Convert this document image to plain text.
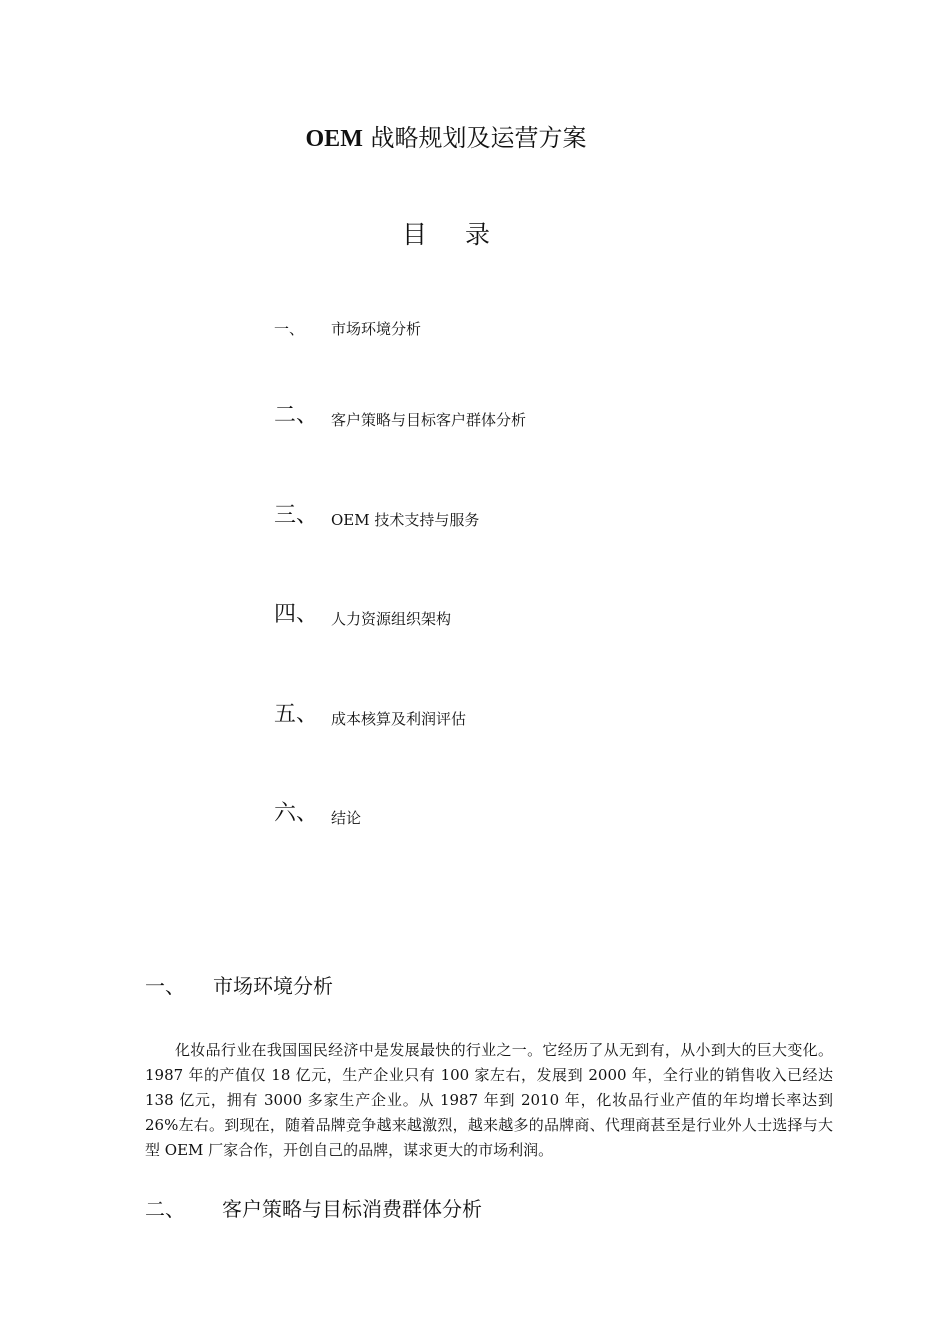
OEM 战略规划及运营方案
目 录
一、 市场环境分析
二、 客户策略与目标客户群体分析
三、 OEM 技术支持与服务
四、 人力资源组织架构
五、 成本核算及利润评估
六、 结论
一、 市场环境分析

化妆品行业在我国国民经济中是发展最快的行业之一。它经历了从无到有，从小到大的巨大变化。1987 年的产值仅 18 亿元，生产企业只有 100 家左右，发展到 2000 年，全行业的销售收入已经达 138 亿元，拥有 3000 多家生产企业。从 1987 年到 2010 年，化妆品行业产值的年均增长率达到 26%左右。到现在，随着品牌竞争越来越激烈，越来越多的品牌商、代理商甚至是行业外人士选择与大型 OEM 厂家合作，开创自己的品牌，谋求更大的市场利润。

二、 客户策略与目标消费群体分析
